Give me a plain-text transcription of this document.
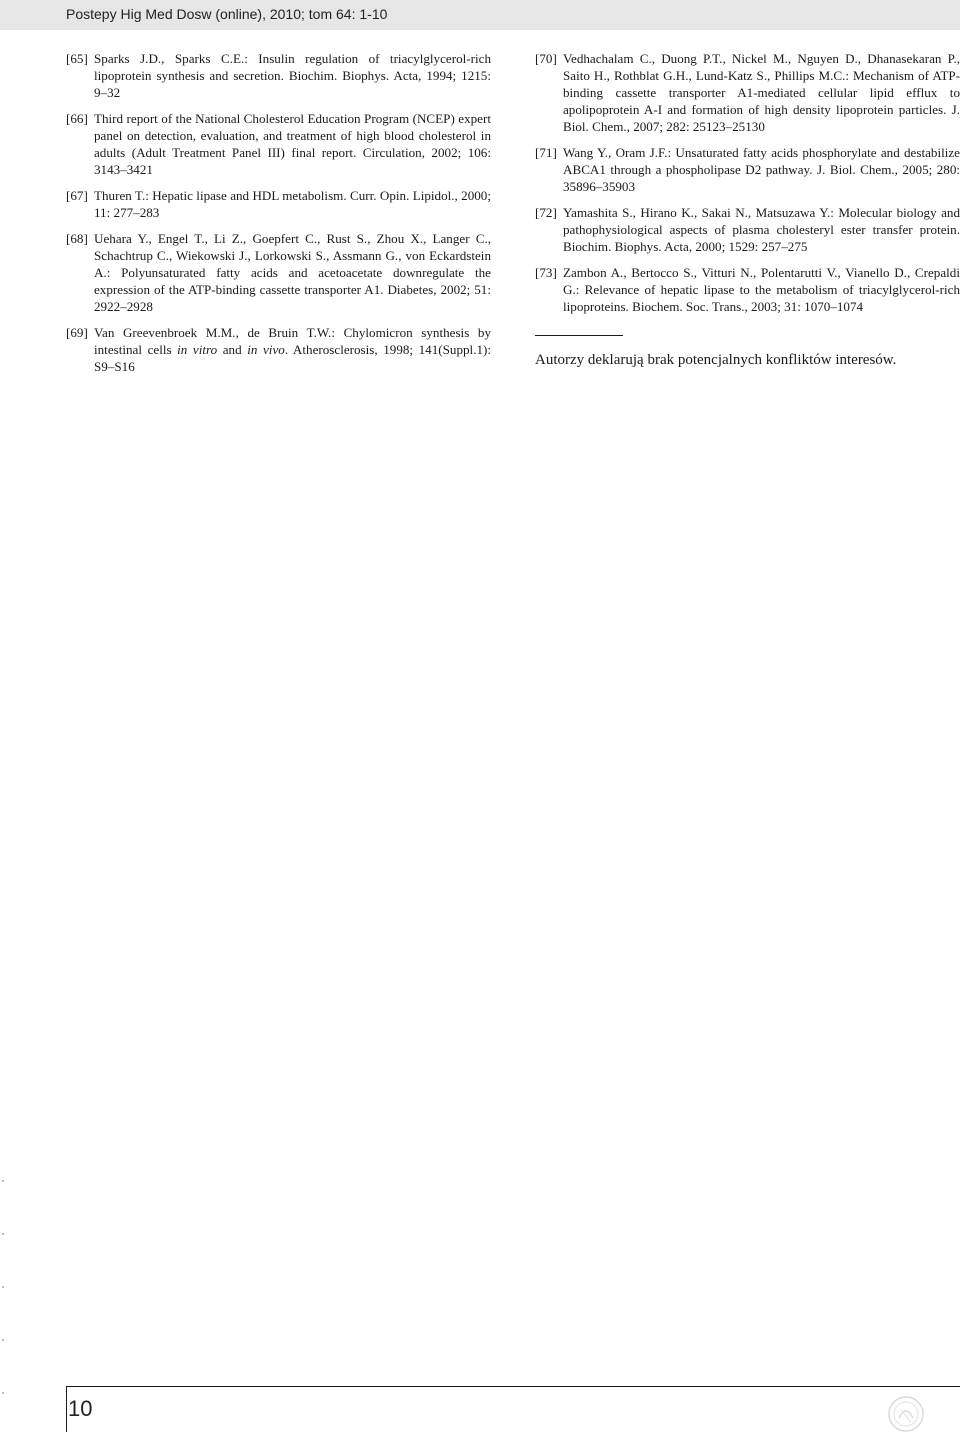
Postepy Hig Med Dosw (online), 2010; tom 64: 1-10
[65] Sparks J.D., Sparks C.E.: Insulin regulation of triacylglycerol-rich lipoprotein synthesis and secretion. Biochim. Biophys. Acta, 1994; 1215: 9–32
[66] Third report of the National Cholesterol Education Program (NCEP) expert panel on detection, evaluation, and treatment of high blood cholesterol in adults (Adult Treatment Panel III) final report. Circulation, 2002; 106: 3143–3421
[67] Thuren T.: Hepatic lipase and HDL metabolism. Curr. Opin. Lipidol., 2000; 11: 277–283
[68] Uehara Y., Engel T., Li Z., Goepfert C., Rust S., Zhou X., Langer C., Schachtrup C., Wiekowski J., Lorkowski S., Assmann G., von Eckardstein A.: Polyunsaturated fatty acids and acetoacetate downregulate the expression of the ATP-binding cassette transporter A1. Diabetes, 2002; 51: 2922–2928
[69] Van Greevenbroek M.M., de Bruin T.W.: Chylomicron synthesis by intestinal cells in vitro and in vivo. Atherosclerosis, 1998; 141(Suppl.1): S9–S16
[70] Vedhachalam C., Duong P.T., Nickel M., Nguyen D., Dhanasekaran P., Saito H., Rothblat G.H., Lund-Katz S., Phillips M.C.: Mechanism of ATP-binding cassette transporter A1-mediated cellular lipid efflux to apolipoprotein A-I and formation of high density lipoprotein particles. J. Biol. Chem., 2007; 282: 25123–25130
[71] Wang Y., Oram J.F.: Unsaturated fatty acids phosphorylate and destabilize ABCA1 through a phospholipase D2 pathway. J. Biol. Chem., 2005; 280: 35896–35903
[72] Yamashita S., Hirano K., Sakai N., Matsuzawa Y.: Molecular biology and pathophysiological aspects of plasma cholesteryl ester transfer protein. Biochim. Biophys. Acta, 2000; 1529: 257–275
[73] Zambon A., Bertocco S., Vitturi N., Polentarutti V., Vianello D., Crepaldi G.: Relevance of hepatic lipase to the metabolism of triacylglycerol-rich lipoproteins. Biochem. Soc. Trans., 2003; 31: 1070–1074
Autorzy deklarują brak potencjalnych konfliktów interesów.
10
